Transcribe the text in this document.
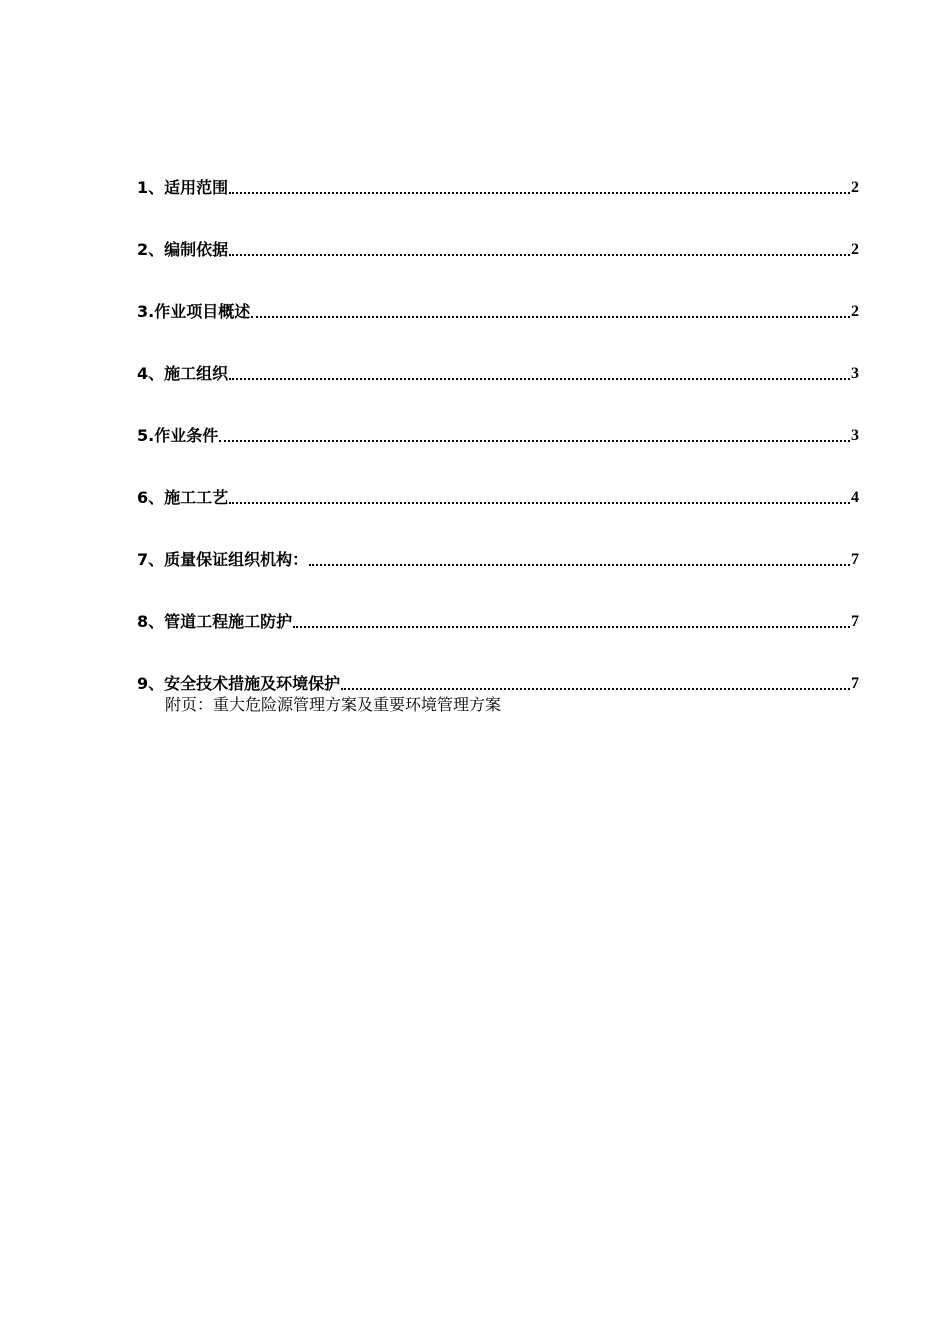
1、适用范围	2
2、编制依据	2
3.作业项目概述	2
4、施工组织	3
5.作业条件	3
6、施工工艺	4
7、质量保证组织机构：	7
8、管道工程施工防护	7
9、安全技术措施及环境保护	7
附页：重大危险源管理方案及重要环境管理方案
